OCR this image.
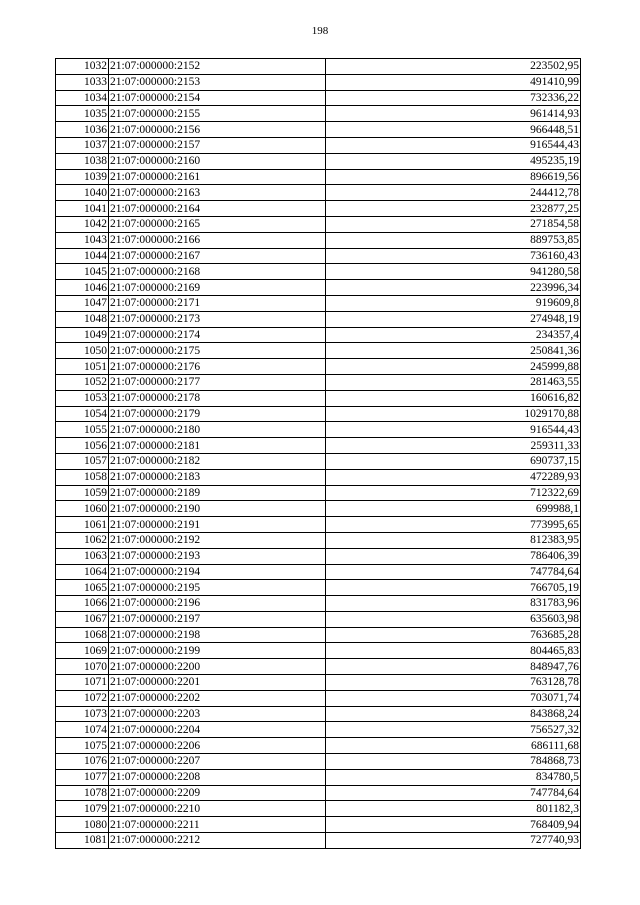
198
1032	21:07:000000:2152	223502,95
1033	21:07:000000:2153	491410,99
1034	21:07:000000:2154	732336,22
1035	21:07:000000:2155	961414,93
1036	21:07:000000:2156	966448,51
1037	21:07:000000:2157	916544,43
1038	21:07:000000:2160	495235,19
1039	21:07:000000:2161	896619,56
1040	21:07:000000:2163	244412,78
1041	21:07:000000:2164	232877,25
1042	21:07:000000:2165	271854,58
1043	21:07:000000:2166	889753,85
1044	21:07:000000:2167	736160,43
1045	21:07:000000:2168	941280,58
1046	21:07:000000:2169	223996,34
1047	21:07:000000:2171	919609,8
1048	21:07:000000:2173	274948,19
1049	21:07:000000:2174	234357,4
1050	21:07:000000:2175	250841,36
1051	21:07:000000:2176	245999,88
1052	21:07:000000:2177	281463,55
1053	21:07:000000:2178	160616,82
1054	21:07:000000:2179	1029170,88
1055	21:07:000000:2180	916544,43
1056	21:07:000000:2181	259311,33
1057	21:07:000000:2182	690737,15
1058	21:07:000000:2183	472289,93
1059	21:07:000000:2189	712322,69
1060	21:07:000000:2190	699988,1
1061	21:07:000000:2191	773995,65
1062	21:07:000000:2192	812383,95
1063	21:07:000000:2193	786406,39
1064	21:07:000000:2194	747784,64
1065	21:07:000000:2195	766705,19
1066	21:07:000000:2196	831783,96
1067	21:07:000000:2197	635603,98
1068	21:07:000000:2198	763685,28
1069	21:07:000000:2199	804465,83
1070	21:07:000000:2200	848947,76
1071	21:07:000000:2201	763128,78
1072	21:07:000000:2202	703071,74
1073	21:07:000000:2203	843868,24
1074	21:07:000000:2204	756527,32
1075	21:07:000000:2206	686111,68
1076	21:07:000000:2207	784868,73
1077	21:07:000000:2208	834780,5
1078	21:07:000000:2209	747784,64
1079	21:07:000000:2210	801182,3
1080	21:07:000000:2211	768409,94
1081	21:07:000000:2212	727740,93
